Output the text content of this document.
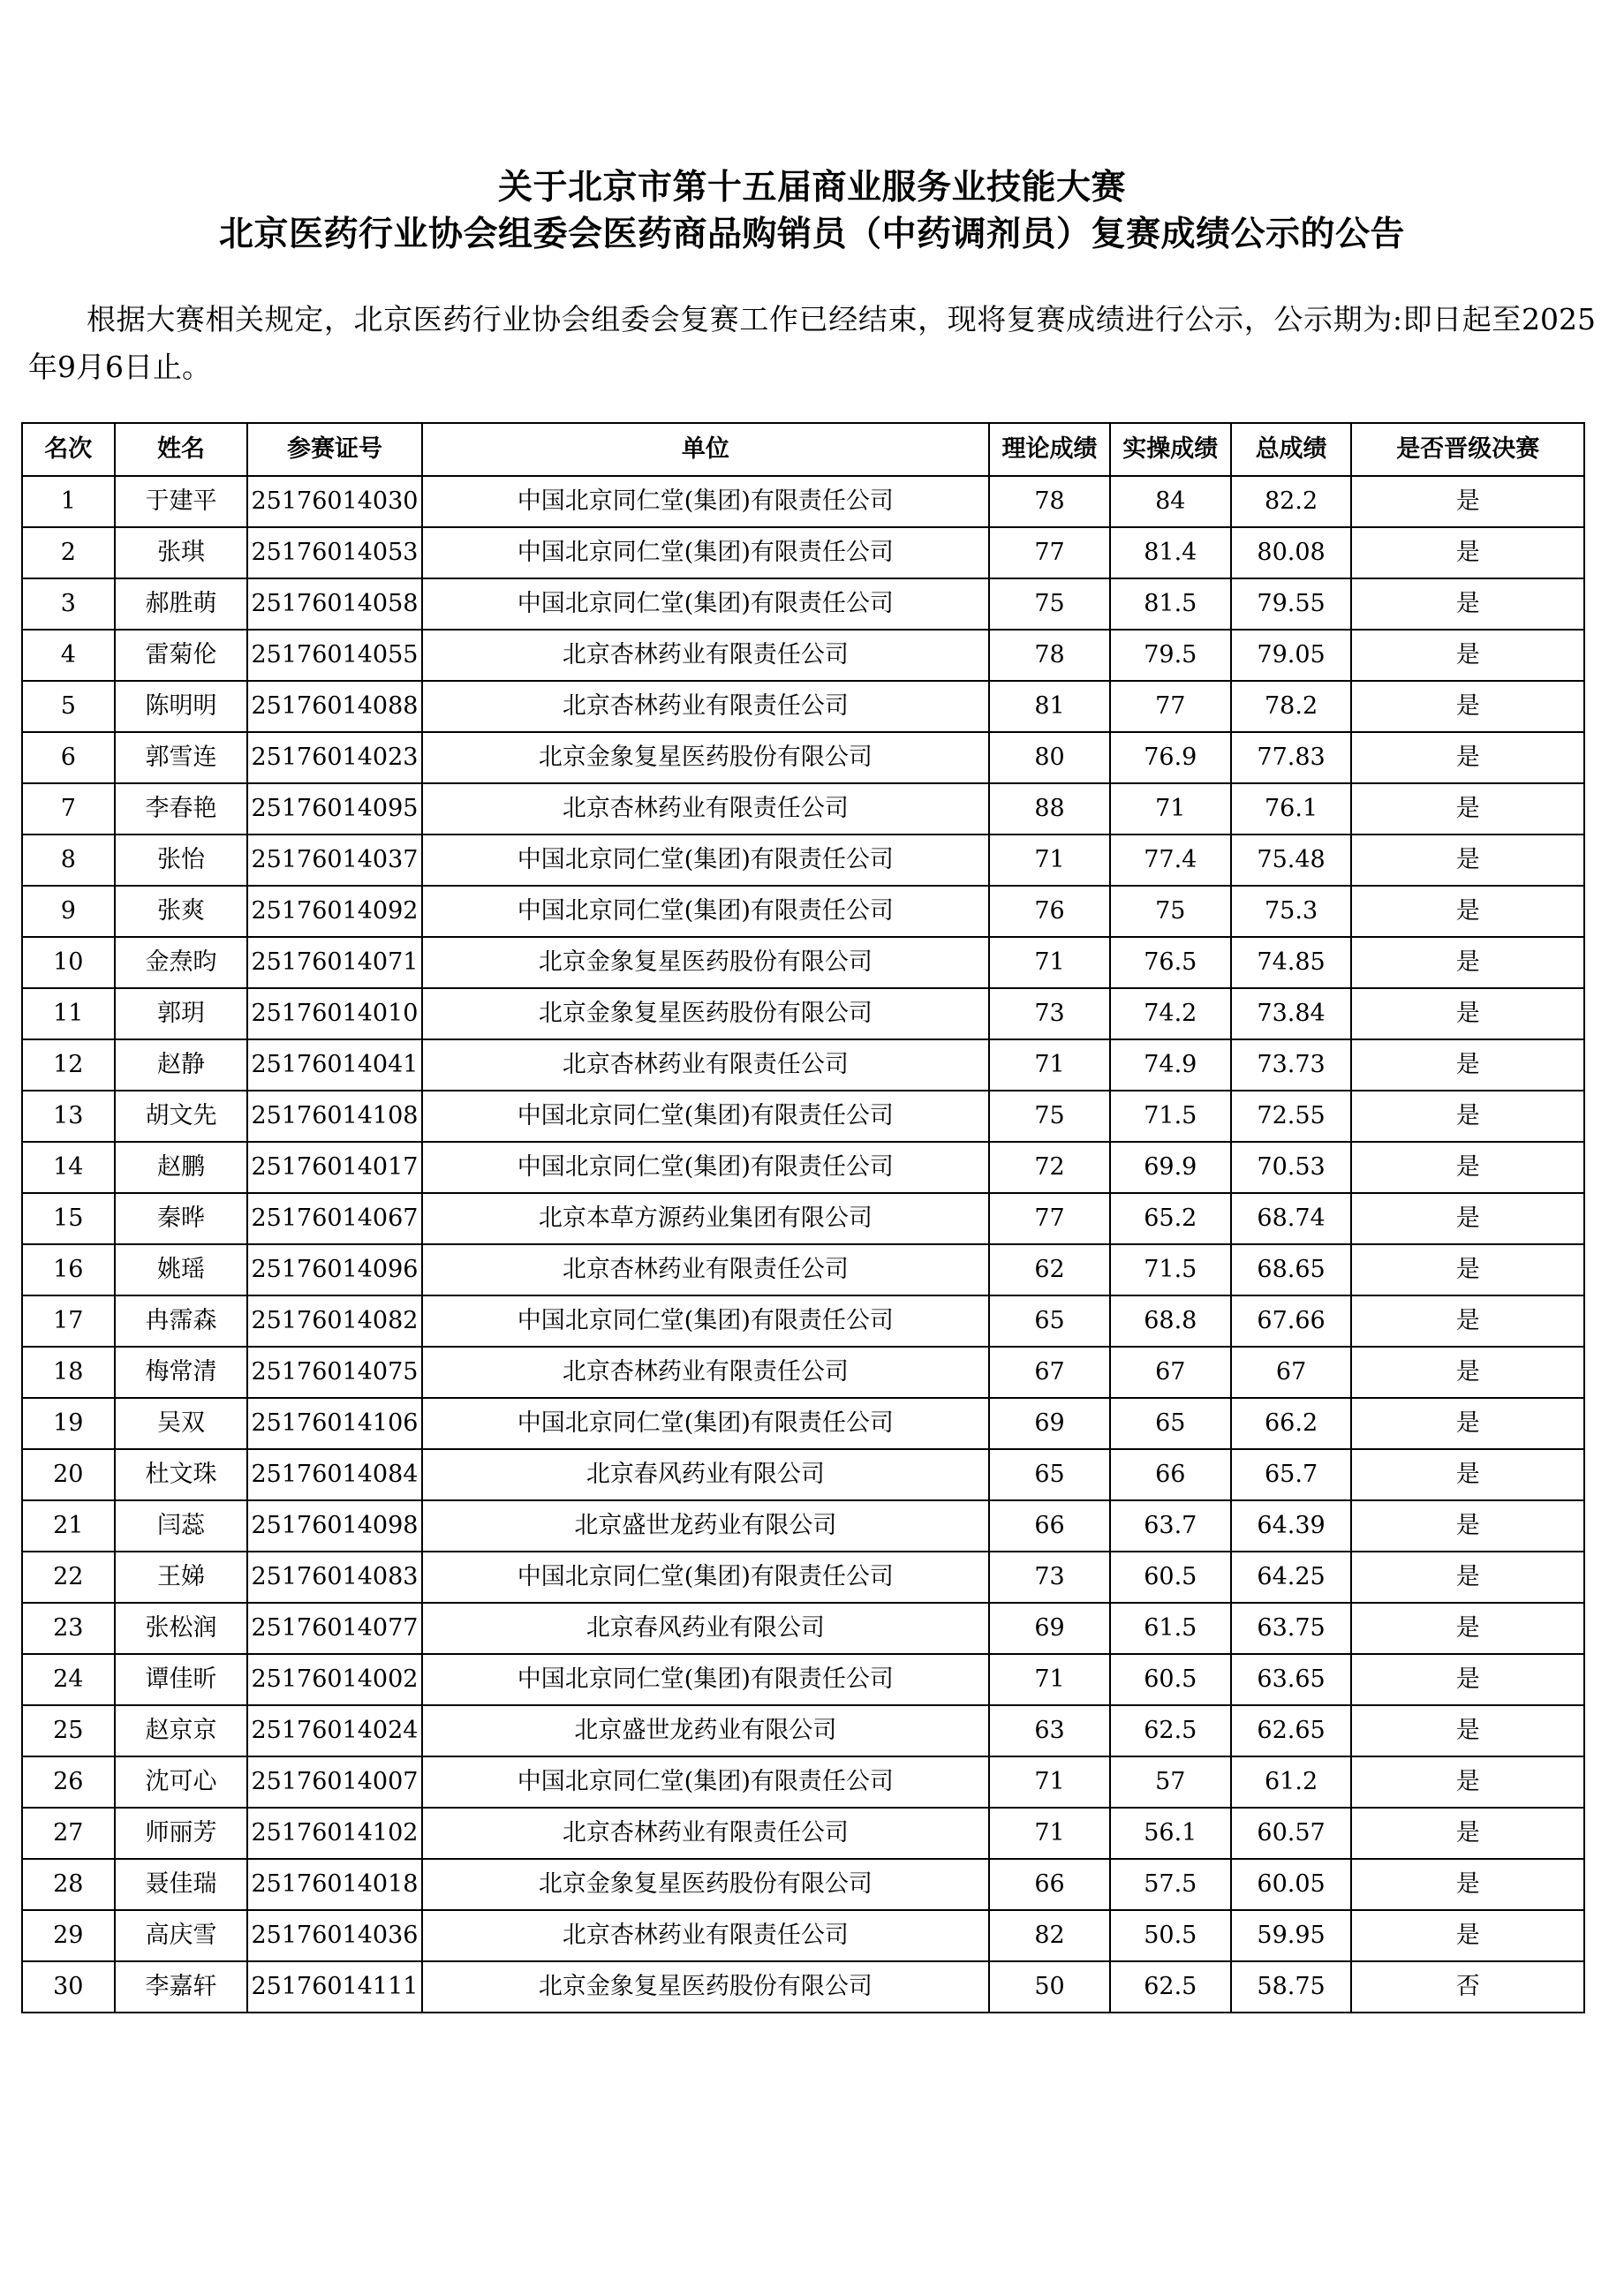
关于北京市第十五届商业服务业技能大赛
北京医药行业协会组委会医药商品购销员（中药调剂员）复赛成绩公示的公告
根据大赛相关规定，北京医药行业协会组委会复赛工作已经结束，现将复赛成绩进行公示，公示期为:即日起至2025年9月6日止。
名次	姓名	参赛证号	单位	理论成绩	实操成绩	总成绩	是否晋级决赛
1	于建平	25176014030	中国北京同仁堂(集团)有限责任公司	78	84	82.2	是
2	张琪	25176014053	中国北京同仁堂(集团)有限责任公司	77	81.4	80.08	是
3	郝胜萌	25176014058	中国北京同仁堂(集团)有限责任公司	75	81.5	79.55	是
4	雷菊伦	25176014055	北京杏林药业有限责任公司	78	79.5	79.05	是
5	陈明明	25176014088	北京杏林药业有限责任公司	81	77	78.2	是
6	郭雪连	25176014023	北京金象复星医药股份有限公司	80	76.9	77.83	是
7	李春艳	25176014095	北京杏林药业有限责任公司	88	71	76.1	是
8	张怡	25176014037	中国北京同仁堂(集团)有限责任公司	71	77.4	75.48	是
9	张爽	25176014092	中国北京同仁堂(集团)有限责任公司	76	75	75.3	是
10	金焘昀	25176014071	北京金象复星医药股份有限公司	71	76.5	74.85	是
11	郭玥	25176014010	北京金象复星医药股份有限公司	73	74.2	73.84	是
12	赵静	25176014041	北京杏林药业有限责任公司	71	74.9	73.73	是
13	胡文先	25176014108	中国北京同仁堂(集团)有限责任公司	75	71.5	72.55	是
14	赵鹏	25176014017	中国北京同仁堂(集团)有限责任公司	72	69.9	70.53	是
15	秦晔	25176014067	北京本草方源药业集团有限公司	77	65.2	68.74	是
16	姚瑶	25176014096	北京杏林药业有限责任公司	62	71.5	68.65	是
17	冉霈森	25176014082	中国北京同仁堂(集团)有限责任公司	65	68.8	67.66	是
18	梅常清	25176014075	北京杏林药业有限责任公司	67	67	67	是
19	吴双	25176014106	中国北京同仁堂(集团)有限责任公司	69	65	66.2	是
20	杜文珠	25176014084	北京春风药业有限公司	65	66	65.7	是
21	闫蕊	25176014098	北京盛世龙药业有限公司	66	63.7	64.39	是
22	王娣	25176014083	中国北京同仁堂(集团)有限责任公司	73	60.5	64.25	是
23	张松润	25176014077	北京春风药业有限公司	69	61.5	63.75	是
24	谭佳昕	25176014002	中国北京同仁堂(集团)有限责任公司	71	60.5	63.65	是
25	赵京京	25176014024	北京盛世龙药业有限公司	63	62.5	62.65	是
26	沈可心	25176014007	中国北京同仁堂(集团)有限责任公司	71	57	61.2	是
27	师丽芳	25176014102	北京杏林药业有限责任公司	71	56.1	60.57	是
28	聂佳瑞	25176014018	北京金象复星医药股份有限公司	66	57.5	60.05	是
29	高庆雪	25176014036	北京杏林药业有限责任公司	82	50.5	59.95	是
30	李嘉轩	25176014111	北京金象复星医药股份有限公司	50	62.5	58.75	否
